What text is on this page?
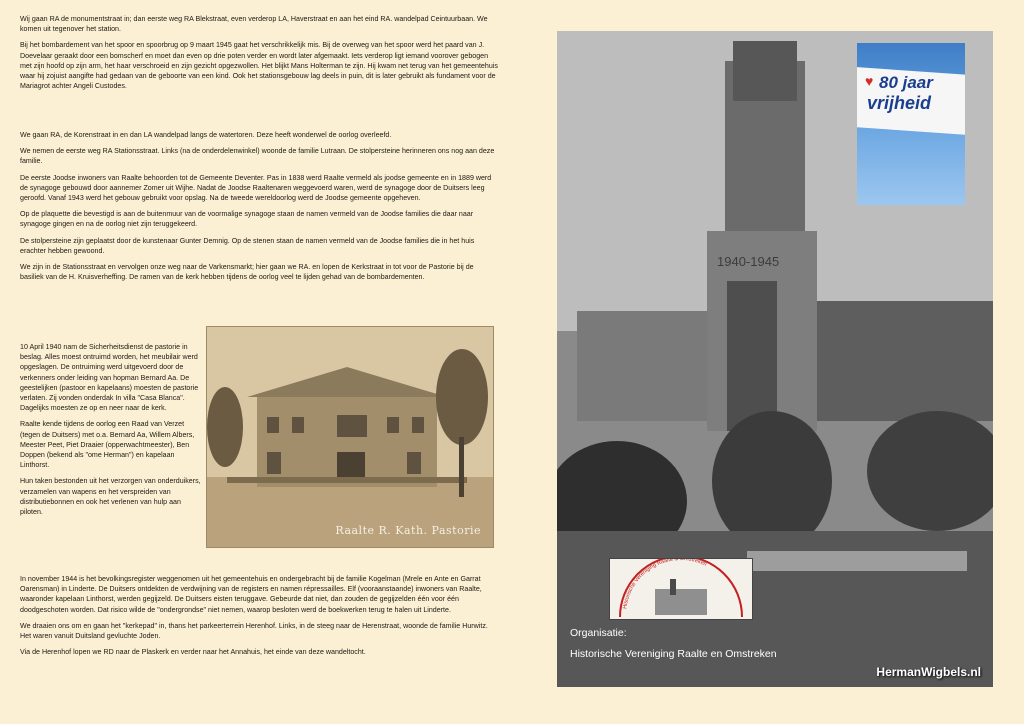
Wij gaan RA de monumentstraat in; dan eerste weg RA Blekstraat, even verderop LA, Haverstraat en aan het eind RA. wandelpad Ceintuurbaan. We komen uit tegenover het station.

Bij het bombardement van het spoor en spoorbrug op 9 maart 1945 gaat het verschrikkelijk mis. Bij de overweg van het spoor werd het paard van J. Doevelaar geraakt door een bomscherf en moet dan even op drie poten verder en wordt later afgemaakt. Iets verderop ligt iemand voorover gebogen met zijn hoofd op zijn arm, het haar verschroeid en zijn gezicht opgezwollen. Het blijkt Mans Holterman te zijn. Hij kwam net terug van het gemeentehuis waar hij zojuist aangifte had gedaan van de geboorte van een kind. Ook het stationsgebouw lag deels in puin, dit is later gebruikt als fundament voor de Mariagrot achter Angeli Custodes.

We gaan RA, de Korenstraat in en dan LA wandelpad langs de watertoren. Deze heeft wonderwel de oorlog overleefd.

We nemen de eerste weg RA Stationsstraat. Links (na de onderdelenwinkel) woonde de familie Lutraan. De stolpersteine herinneren ons nog aan deze familie.

De eerste Joodse inwoners van Raalte behoorden tot de Gemeente Deventer. Pas in 1838 werd Raalte vermeld als joodse gemeente en in 1889 werd de synagoge gebouwd door aannemer Zomer uit Wijhe. Nadat de Joodse Raaltenaren weggevoerd waren, werd de synagoge door de Duitsers leeg geroofd. Vanaf 1943 werd het gebouw gebruikt voor opslag. Na de tweede wereldoorlog werd de Joodse gemeente opgeheven.

Op de plaquette die bevestigd is aan de buitenmuur van de voormalige synagoge staan de namen vermeld van de Joodse families die daar naar synagoge gingen en na de oorlog niet zijn teruggekeerd.

De stolpersteine zijn geplaatst door de kunstenaar Gunter Demnig. Op de stenen staan de namen vermeld van de Joodse families die in het huis erachter hebben gewoond.

We zijn in de Stationsstraat en vervolgen onze weg naar de Varkensmarkt; hier gaan we RA. en lopen de Kerkstraat in tot voor de Pastorie bij de basiliek van de H. Kruisverheffing. De ramen van de kerk hebben tijdens de oorlog veel te lijden gehad van de bombardementen.

10 April 1940 nam de Sicherheitsdienst de pastorie in beslag. Alles moest ontruimd worden, het meubilair werd opgeslagen. De ontruiming werd uitgevoerd door de verkenners onder leiding van hopman Bernard Aa. De geestelijken (pastoor en kapelaans) moesten de pastorie verlaten. Zij vonden onderdak In villa "Casa Blanca". Dagelijks moesten ze op en neer naar de kerk.

Raalte kende tijdens de oorlog een Raad van Verzet (tegen de Duitsers) met o.a. Bernard Aa, Willem Albers, Meester Peet, Piet Draaier (opperwachtmeester), Ben Doppen (bekend als "ome Herman") en kapelaan Linthorst.

Hun taken bestonden uit het verzorgen van onderduikers, verzamelen van wapens en het verspreiden van distributiebonnen en ook het verlenen van hulp aan piloten.

In november 1944 is het bevolkingsregister weggenomen uit het gemeentehuis en ondergebracht bij de familie Kogelman (Mrele en Ante en Garrat Oarensman) in Linderte. De Duitsers ontdekten de verdwijning van de registers en namen répressailles. Elf (vooraanstaande) inwoners van Raalte, waaronder kapelaan Linthorst, werden gegijzeld. De Duitsers eisten teruggave. Gebeurde dat niet, dan zouden de gegijzelden één voor één doodgeschoten worden. Dat risico wilde de "ondergrondse" niet nemen, waarop besloten werd de boekwerken terug te halen uit Linderte.

We draaien ons om en gaan het "kerkepad" in, thans het parkeerterrein Herenhof. Links, in de steeg naar de Herenstraat, woonde de familie Hurwitz. Het waren vanuit Duitsland gevluchte Joden.

Via de Herenhof lopen we RD naar de Plaskerk en verder naar het Annahuis, het einde van deze wandeltocht.

Raalte R. Kath. Pastorie
1940-1945
♥ 80 jaar
vrijheid
Historische Vereniging Raalte & Omstreken
Organisatie:
Historische Vereniging Raalte en Omstreken
HermanWigbels.nl
